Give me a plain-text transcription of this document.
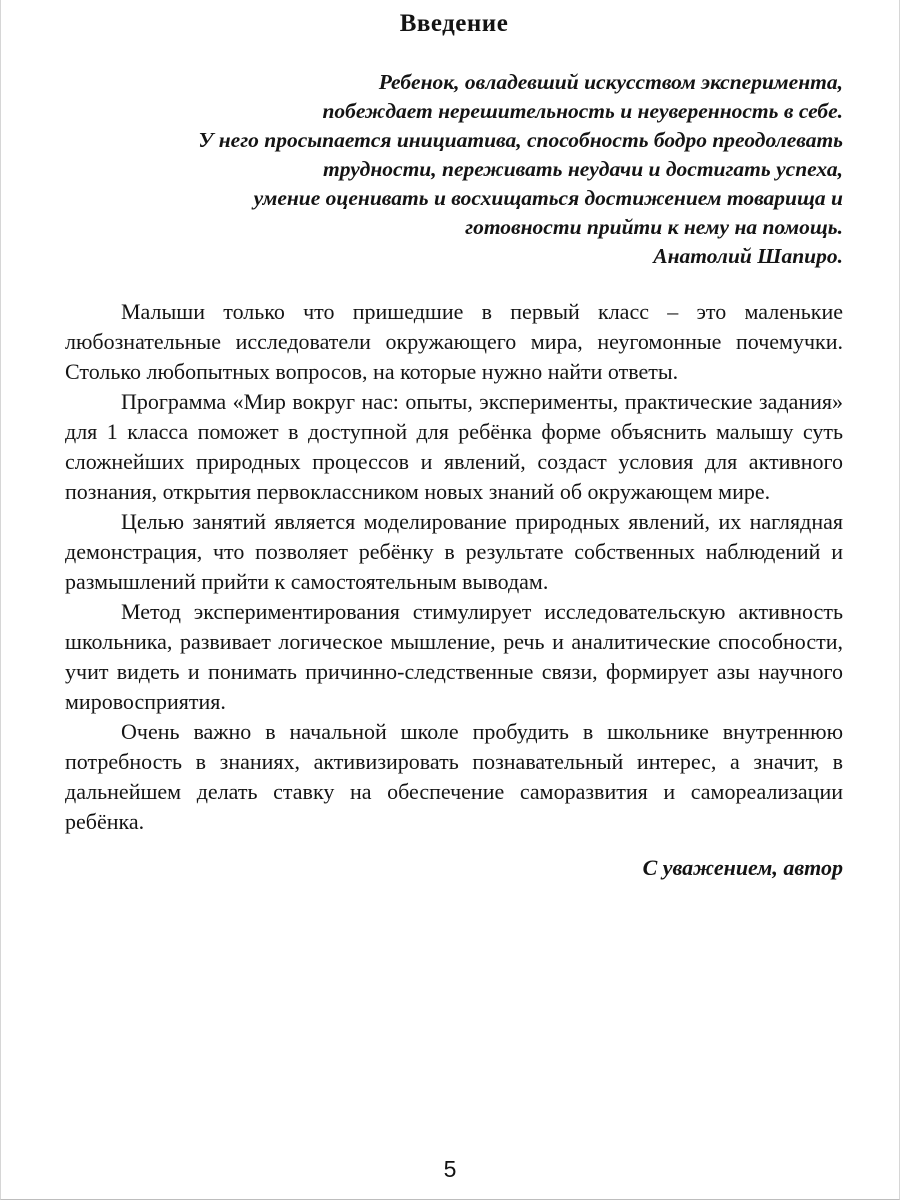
Введение
Ребенок, овладевший искусством эксперимента,
побеждает нерешительность и неуверенность в себе.
У него просыпается инициатива, способность бодро преодолевать
трудности, переживать неудачи и достигать успеха,
умение оценивать и восхищаться достижением товарища и
готовности прийти к нему на помощь.
Анатолий Шапиро.

Малыши только что пришедшие в первый класс – это маленькие любознательные исследователи окружающего мира, неугомонные почемучки. Столько любопытных вопросов, на которые нужно найти ответы.

Программа «Мир вокруг нас: опыты, эксперименты, практические задания» для 1 класса поможет в доступной для ребёнка форме объяснить малышу суть сложнейших природных процессов и явлений, создаст условия для активного познания, открытия первоклассником новых знаний об окружающем мире.

Целью занятий является моделирование природных явлений, их наглядная демонстрация, что позволяет ребёнку в результате собственных наблюдений и размышлений прийти к самостоятельным выводам.

Метод экспериментирования стимулирует исследовательскую активность школьника, развивает логическое мышление, речь и аналитические способности, учит видеть и понимать причинно-следственные связи, формирует азы научного мировосприятия.

Очень важно в начальной школе пробудить в школьнике внутреннюю потребность в знаниях, активизировать познавательный интерес, а значит, в дальнейшем делать ставку на обеспечение саморазвития и самореализации ребёнка.

С уважением, автор
5
